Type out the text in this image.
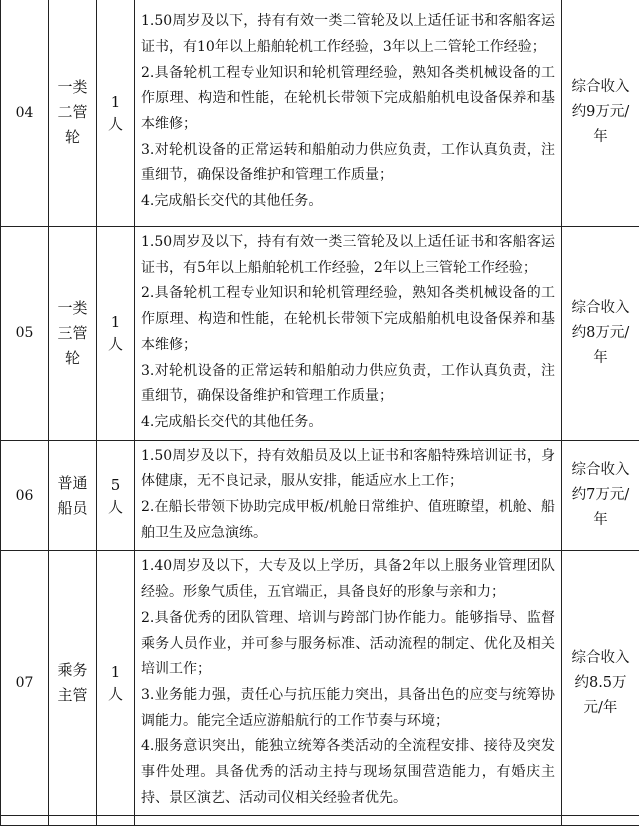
04	一类二管轮	1人	1.50周岁及以下，持有有效一类二管轮及以上适任证书和客船客运证书，有10年以上船舶轮机工作经验，3年以上二管轮工作经验；

2.具备轮机工程专业知识和轮机管理经验，熟知各类机械设备的工作原理、构造和性能，在轮机长带领下完成船舶机电设备保养和基本维修；

3.对轮机设备的正常运转和船舶动力供应负责，工作认真负责，注重细节，确保设备维护和管理工作质量；

4.完成船长交代的其他任务。	综合收入约9万元/年
05	一类三管轮	1人	1.50周岁及以下，持有有效一类三管轮及以上适任证书和客船客运证书，有5年以上船舶轮机工作经验，2年以上三管轮工作经验；

2.具备轮机工程专业知识和轮机管理经验，熟知各类机械设备的工作原理、构造和性能，在轮机长带领下完成船舶机电设备保养和基本维修；

3.对轮机设备的正常运转和船舶动力供应负责，工作认真负责，注重细节，确保设备维护和管理工作质量；

4.完成船长交代的其他任务。	综合收入约8万元/年
06	普通船员	5人	1.50周岁及以下，持有效船员及以上证书和客船特殊培训证书，身体健康，无不良记录，服从安排，能适应水上工作；

2.在船长带领下协助完成甲板/机舱日常维护、值班瞭望，机舱、船舶卫生及应急演练。	综合收入约7万元/年
07	乘务主管	1人	1.40周岁及以下，大专及以上学历，具备2年以上服务业管理团队经验。形象气质佳，五官端正，具备良好的形象与亲和力；

2.具备优秀的团队管理、培训与跨部门协作能力。能够指导、监督乘务人员作业，并可参与服务标准、活动流程的制定、优化及相关培训工作；

3.业务能力强，责任心与抗压能力突出，具备出色的应变与统筹协调能力。能完全适应游船航行的工作节奏与环境；

4.服务意识突出，能独立统筹各类活动的全流程安排、接待及突发事件处理。具备优秀的活动主持与现场氛围营造能力，有婚庆主持、景区演艺、活动司仪相关经验者优先。	综合收入约8.5万元/年
